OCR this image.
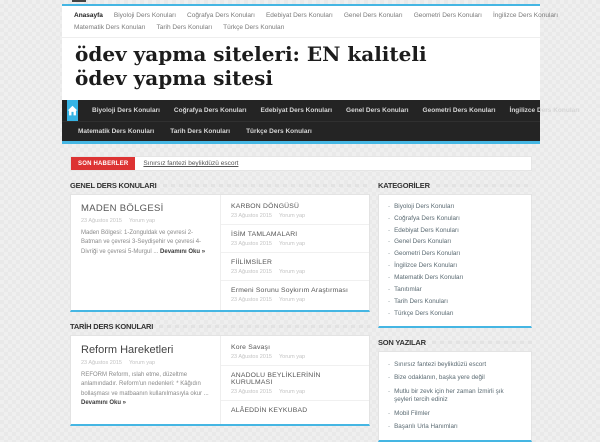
Anasayfa Biyoloji Ders Konuları Coğrafya Ders Konuları Edebiyat Ders Konuları Genel Ders Konuları Geometri Ders Konuları İngilizce Ders Konuları
Matematik Ders Konuları Tarih Ders Konuları Türkçe Ders Konuları
ödev yapma siteleri: EN kaliteli ödev yapma sitesi
Biyoloji Ders Konuları Coğrafya Ders Konuları Edebiyat Ders Konuları Genel Ders Konuları Geometri Ders Konuları İngilizce Ders Konuları
Matematik Ders Konuları Tarih Ders Konuları Türkçe Ders Konuları
SON HABERLER	Sınırsız fantezi beylikdüzü escort
GENEL DERS KONULARI
MADEN BÖLGESİ
23 Ağustos 2015 Yorum yap
Maden Bölgesi: 1-Zonguldak ve çevresi 2-Batman ve çevresi 3-Seydişehir ve çevresi 4-Divriği ve çevresi 5-Murgul ... Devamını Oku »
KARBON DÖNGÜSÜ
23 Ağustos 2015 Yorum yap
İSİM TAMLAMALARI
23 Ağustos 2015 Yorum yap
FİİLİMSİLER
23 Ağustos 2015 Yorum yap
Ermeni Sorunu Soykırım Araştırması
23 Ağustos 2015 Yorum yap
TARİH DERS KONULARI
Reform Hareketleri
23 Ağustos 2015 Yorum yap
REFORM Reform, ıslah etme, düzeltme anlamındadır. Reform'un nedenleri: * Kâğıdın bollaşması ve matbaanın kullanılmasıyla okur ... Devamını Oku »
Kore Savaşı
23 Ağustos 2015 Yorum yap
ANADOLU BEYLİKLERİNİN KURULMASI
23 Ağustos 2015 Yorum yap
ALÂEDDİN KEYKUBAD
KATEGORİLER
- Biyoloji Ders Konuları
- Coğrafya Ders Konuları
- Edebiyat Ders Konuları
- Genel Ders Konuları
- Geometri Ders Konuları
- İngilizce Ders Konuları
- Matematik Ders Konuları
- Tanıtımlar
- Tarih Ders Konuları
- Türkçe Ders Konuları
SON YAZILAR
- Sınırsız fantezi beylikdüzü escort
- Bize odaklanın, başka yere değil
- Mutlu bir zevk için her zaman İzmirli şık şeyleri tercih ediniz
- Mobil Filmler
- Başarılı Urla Hanımları
